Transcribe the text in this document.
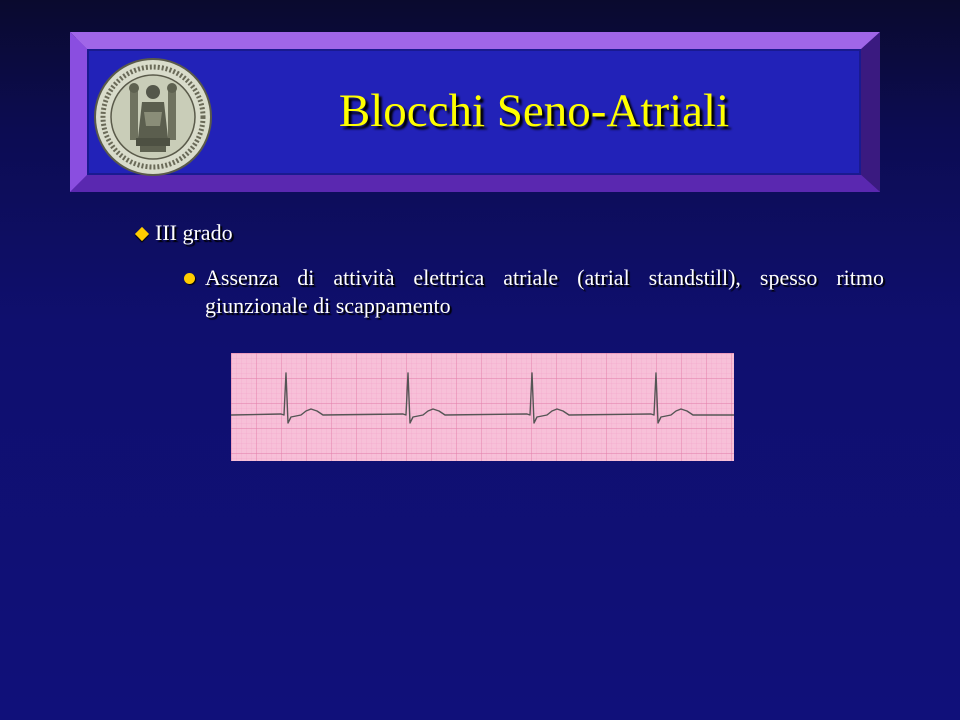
Blocchi Seno-Atriali
III grado
Assenza di attività elettrica atriale (atrial standstill), spesso ritmo giunzionale di scappamento
